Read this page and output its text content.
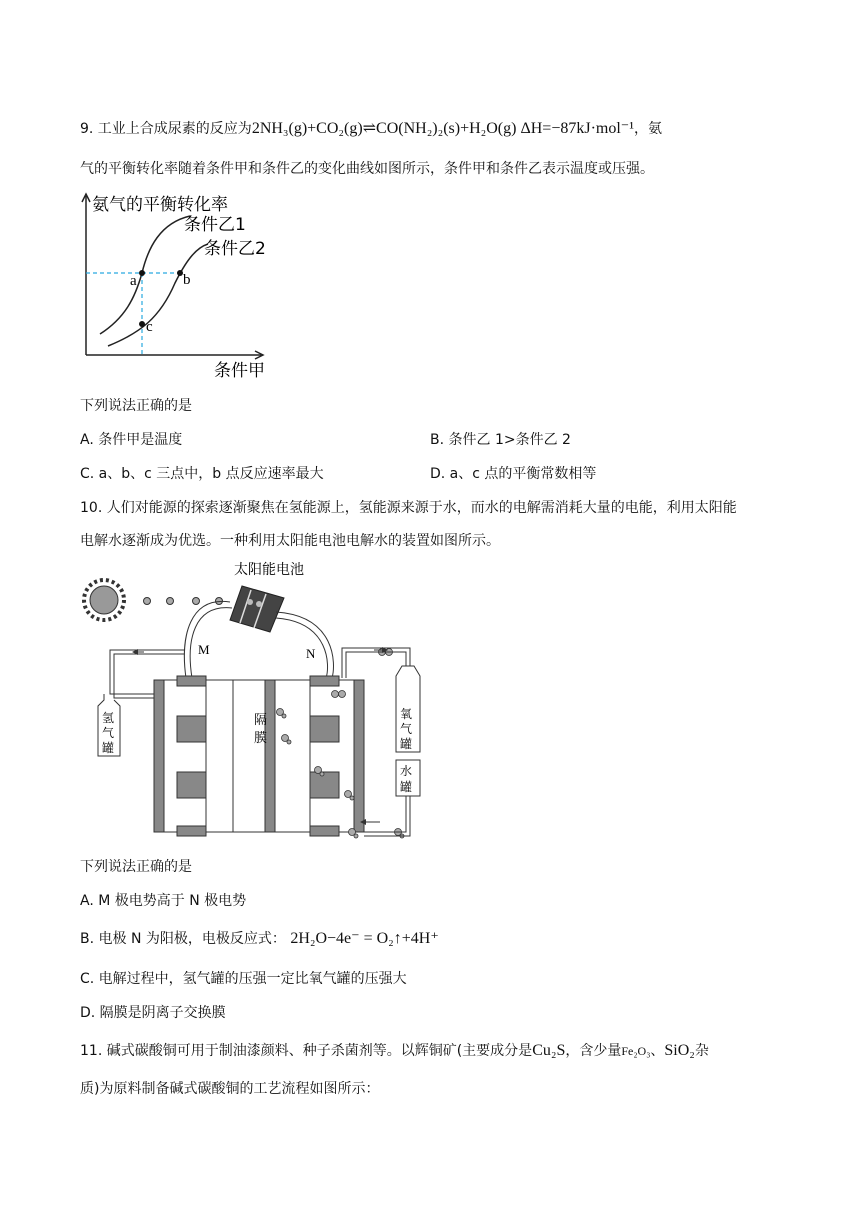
9. 工业上合成尿素的反应为2NH₃(g)+CO₂(g)⇌CO(NH₂)₂(s)+H₂O(g) ΔH=−87kJ·mol⁻¹，氨
气的平衡转化率随着条件甲和条件乙的变化曲线如图所示，条件甲和条件乙表示温度或压强。
氨气的平衡转化率
条件乙1
条件乙2
a	b
c
条件甲
下列说法正确的是
A. 条件甲是温度	B. 条件乙 1>条件乙 2
C. a、b、c 三点中，b 点反应速率最大	D. a、c 点的平衡常数相等
10. 人们对能源的探索逐渐聚焦在氢能源上，氢能源来源于水，而水的电解需消耗大量的电能，利用太阳能
电解水逐渐成为优选。一种利用太阳能电池电解水的装置如图所示。
太阳能电池
M	N
隔
膜
氢
气
罐
氧
气
罐
水
罐
下列说法正确的是
A. M 极电势高于 N 极电势
B. 电极 N 为阳极，电极反应式： 2H₂O−4e⁻ = O₂↑+4H⁺
C. 电解过程中，氢气罐的压强一定比氧气罐的压强大
D. 隔膜是阴离子交换膜
11. 碱式碳酸铜可用于制油漆颜料、种子杀菌剂等。以辉铜矿(主要成分是Cu₂S，含少量Fe₂O₃、SiO₂杂
质)为原料制备碱式碳酸铜的工艺流程如图所示：
